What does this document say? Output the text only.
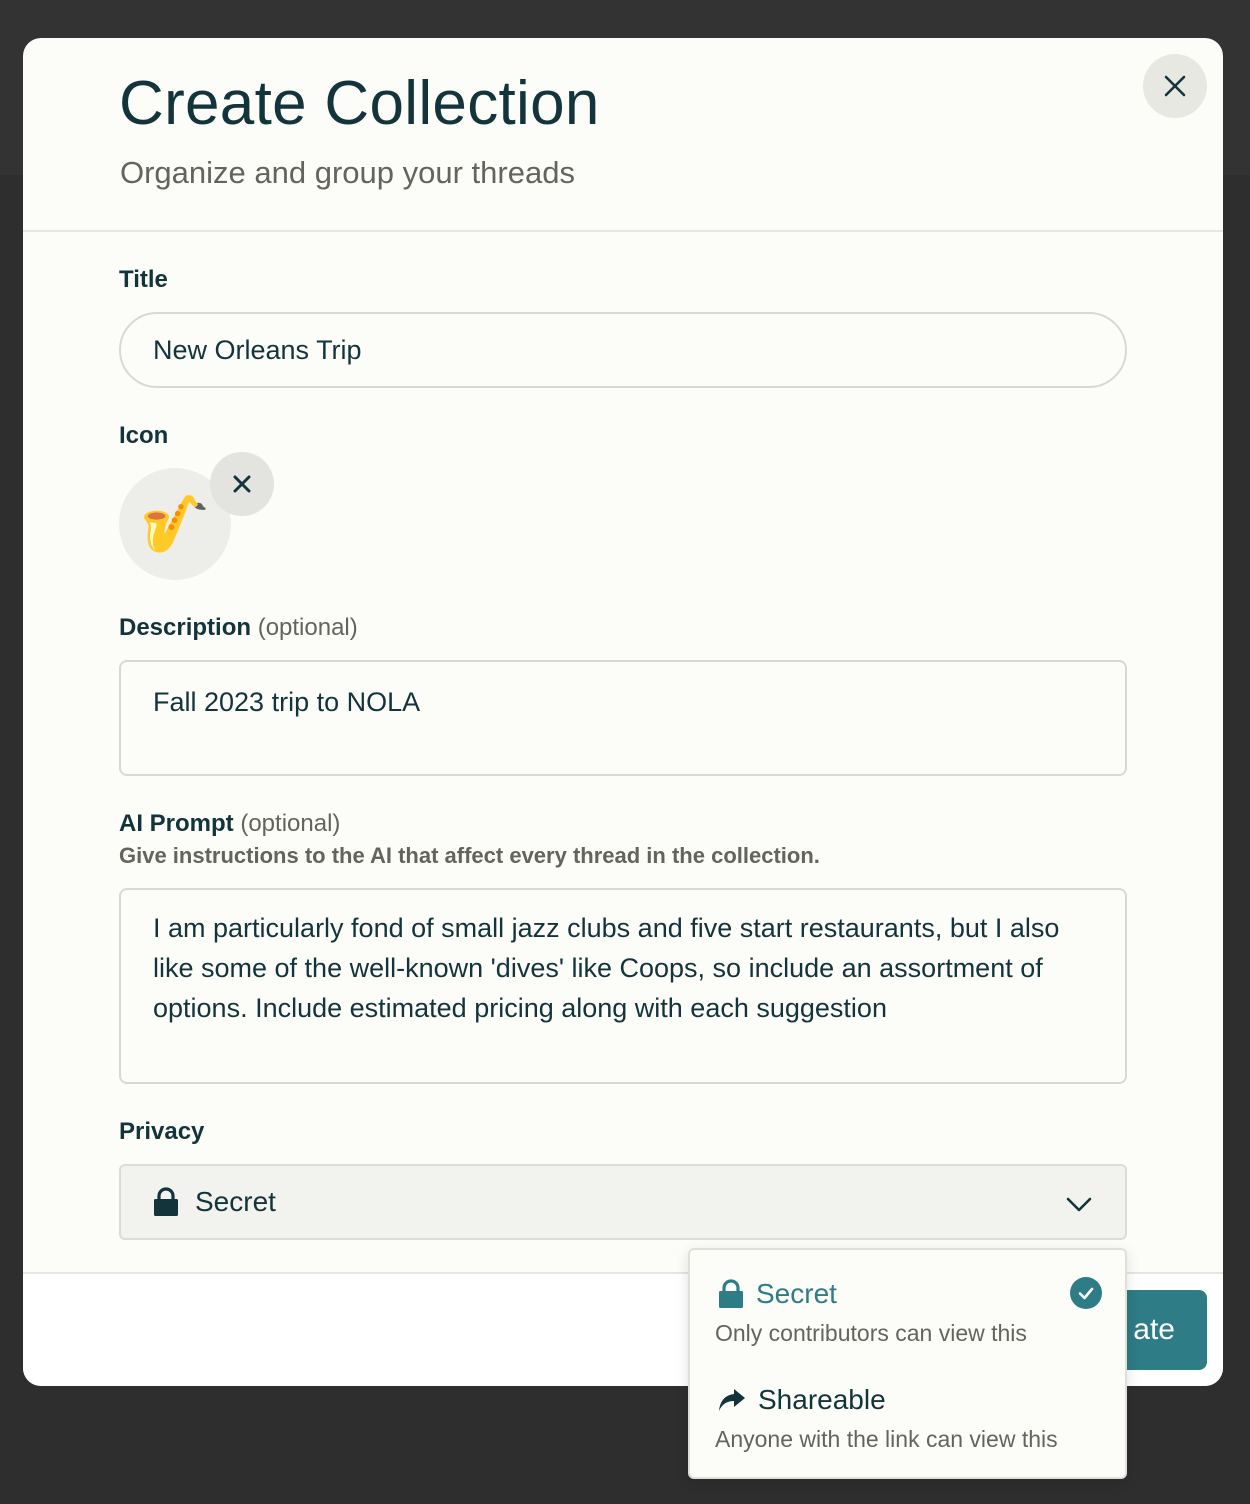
Create Collection
Organize and group your threads
Title
New Orleans Trip
Icon
🎷
Description (optional)
Fall 2023 trip to NOLA
AI Prompt (optional)
Give instructions to the AI that affect every thread in the collection.
I am particularly fond of small jazz clubs and five start restaurants, but I also like some of the well-known 'dives' like Coops, so include an assortment of options. Include estimated pricing along with each suggestion
Privacy
Secret
ate
Secret
Only contributors can view this
Shareable
Anyone with the link can view this
